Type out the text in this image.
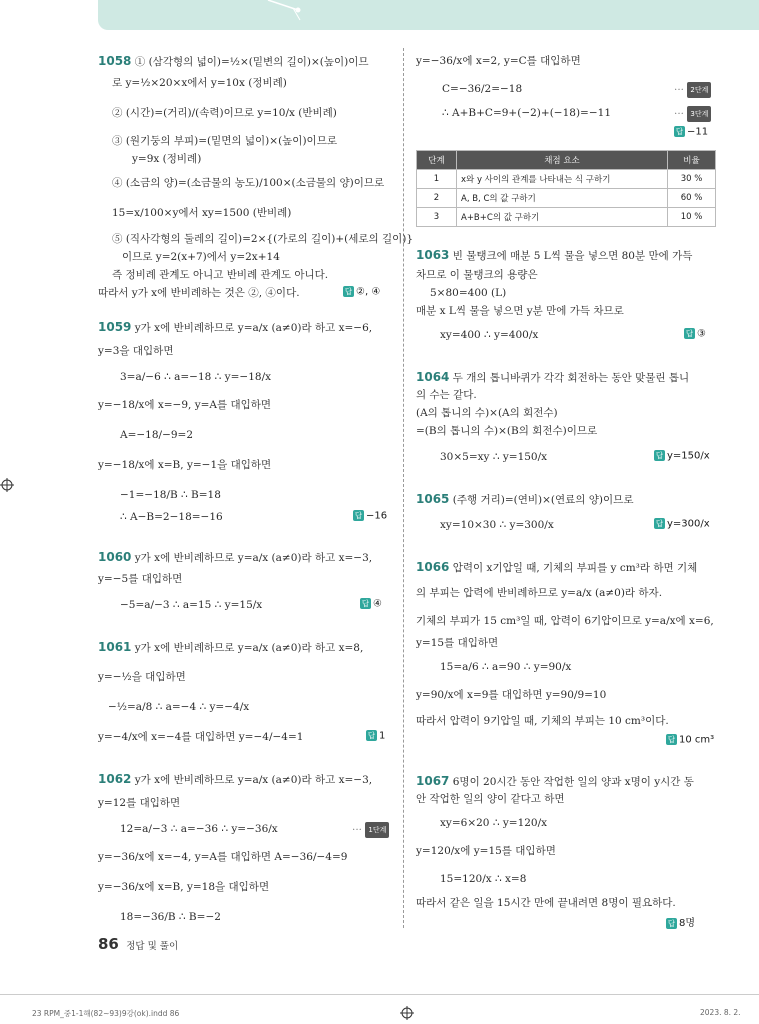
1058 ① (삼각형의 넓이)=½×(밑변의 길이)×(높이)이므
로 y=½×20×x에서 y=10x (정비례)
② (시간)=(거리)/(속력)이므로 y=10/x (반비례)
③ (원기둥의 부피)=(밑면의 넓이)×(높이)이므로
y=9x (정비례)
④ (소금의 양)=(소금물의 농도)/100×(소금물의 양)이므로
15=x/100×y에서 xy=1500 (반비례)
⑤ (직사각형의 둘레의 길이)=2×{(가로의 길이)+(세로의 길이)}
이므로 y=2(x+7)에서 y=2x+14
즉 정비례 관계도 아니고 반비례 관계도 아니다.
따라서 y가 x에 반비례하는 것은 ②, ④이다.	답 ②, ④
1059 y가 x에 반비례하므로 y=a/x (a≠0)라 하고 x=−6,
y=3을 대입하면
3=a/−6 ∴ a=−18 ∴ y=−18/x
y=−18/x에 x=−9, y=A를 대입하면
A=−18/−9=2
y=−18/x에 x=B, y=−1을 대입하면
−1=−18/B ∴ B=18
∴ A−B=2−18=−16	답 −16
1060 y가 x에 반비례하므로 y=a/x (a≠0)라 하고 x=−3,
y=−5를 대입하면
−5=a/−3 ∴ a=15 ∴ y=15/x	답 ④
1061 y가 x에 반비례하므로 y=a/x (a≠0)라 하고 x=8,
y=−½을 대입하면
−½=a/8 ∴ a=−4 ∴ y=−4/x
y=−4/x에 x=−4를 대입하면 y=−4/−4=1	답 1
1062 y가 x에 반비례하므로 y=a/x (a≠0)라 하고 x=−3,
y=12를 대입하면
12=a/−3 ∴ a=−36 ∴ y=−36/x	··· 1단계
y=−36/x에 x=−4, y=A를 대입하면 A=−36/−4=9
y=−36/x에 x=B, y=18을 대입하면
18=−36/B ∴ B=−2
y=−36/x에 x=2, y=C를 대입하면
C=−36/2=−18	··· 2단계
∴ A+B+C=9+(−2)+(−18)=−11	··· 3단계
답 −11
1063 빈 물탱크에 매분 5 L씩 물을 넣으면 80분 만에 가득
차므로 이 물탱크의 용량은
5×80=400 (L)
매분 x L씩 물을 넣으면 y분 만에 가득 차므로
xy=400 ∴ y=400/x	답 ③
1064 두 개의 톱니바퀴가 각각 회전하는 동안 맞물린 톱니
의 수는 같다.
(A의 톱니의 수)×(A의 회전수)
=(B의 톱니의 수)×(B의 회전수)이므로
30×5=xy ∴ y=150/x	답 y=150/x
1065 (주행 거리)=(연비)×(연료의 양)이므로
xy=10×30 ∴ y=300/x	답 y=300/x
1066 압력이 x기압일 때, 기체의 부피를 y cm³라 하면 기체
의 부피는 압력에 반비례하므로 y=a/x (a≠0)라 하자.
기체의 부피가 15 cm³일 때, 압력이 6기압이므로 y=a/x에 x=6,
y=15를 대입하면
15=a/6 ∴ a=90 ∴ y=90/x
y=90/x에 x=9를 대입하면 y=90/9=10
따라서 압력이 9기압일 때, 기체의 부피는 10 cm³이다.
답 10 cm³
1067 6명이 20시간 동안 작업한 일의 양과 x명이 y시간 동
안 작업한 일의 양이 같다고 하면
xy=6×20 ∴ y=120/x
y=120/x에 y=15를 대입하면
15=120/x ∴ x=8
따라서 같은 일을 15시간 만에 끝내려면 8명이 필요하다.
답 8명
단계	채점 요소	비율
1	x와 y 사이의 관계를 나타내는 식 구하기	30 %
2	A, B, C의 값 구하기	60 %
3	A+B+C의 값 구하기	10 %
86 정답 및 풀이
23 RPM_중1-1해(82~93)9강(ok).indd 86	2023. 8. 2.
